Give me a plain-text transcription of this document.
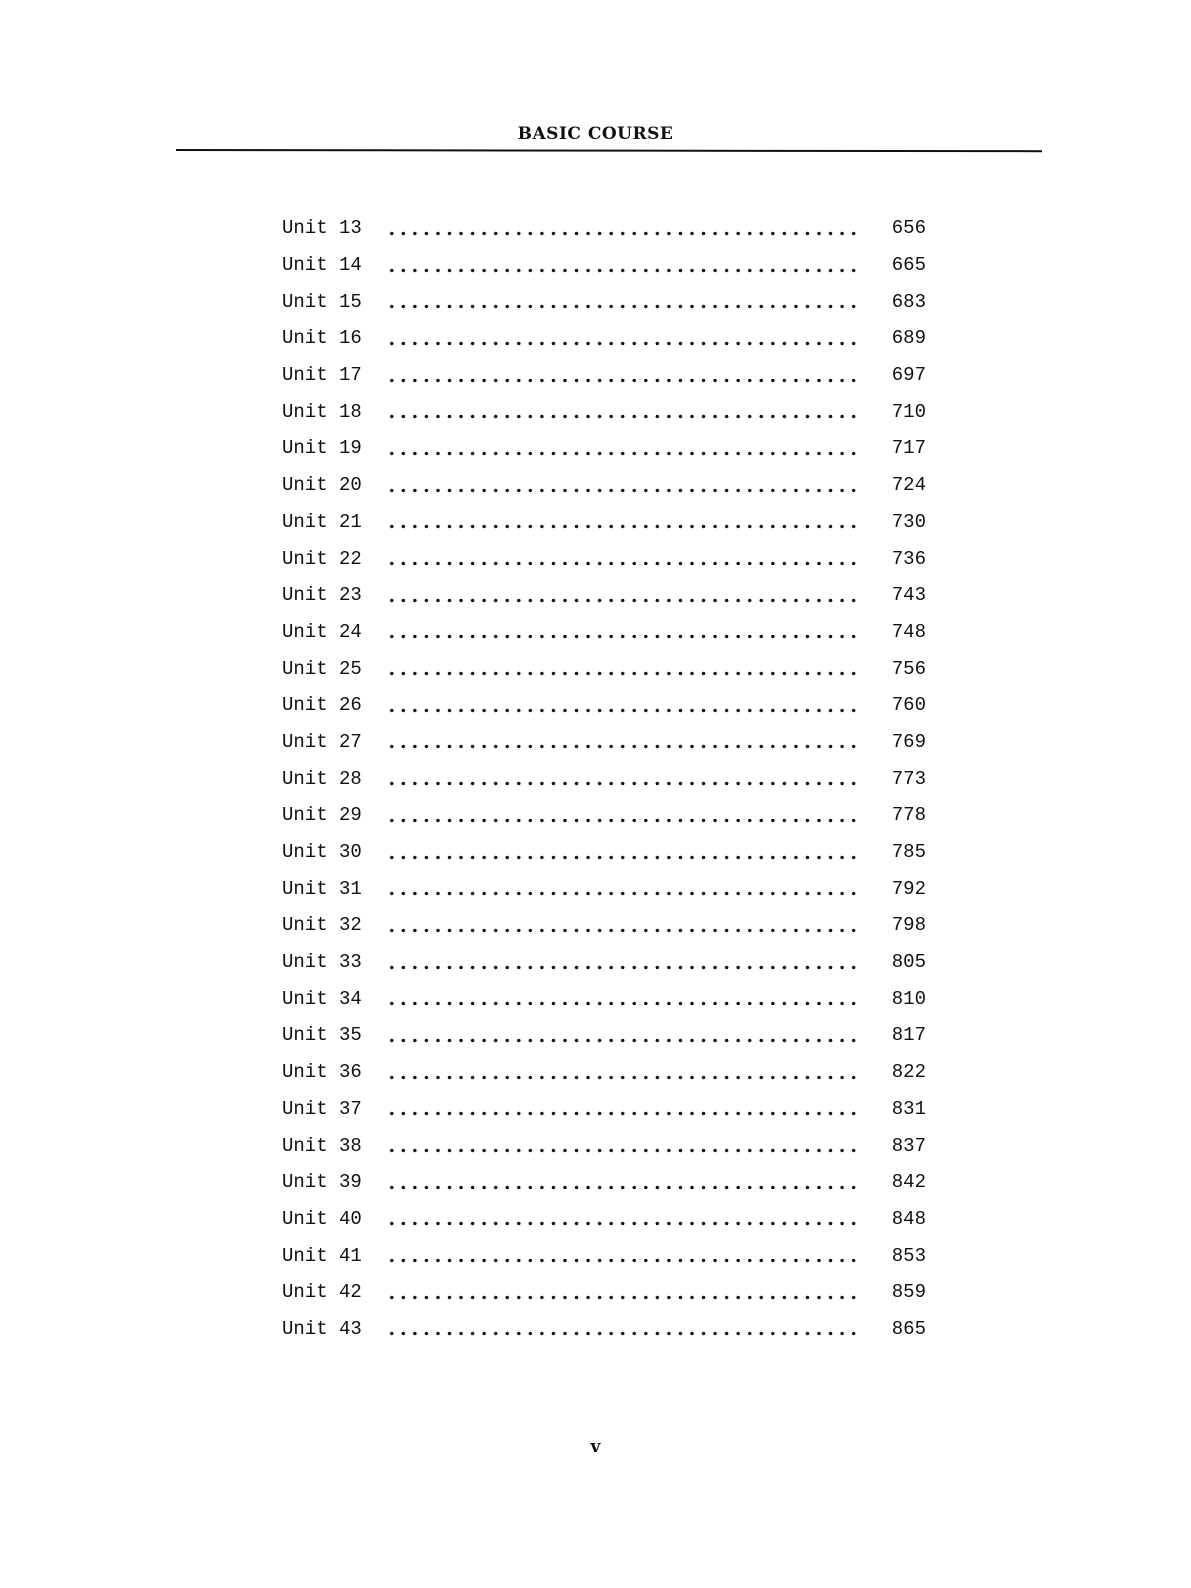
BASIC COURSE
Unit 13	656
Unit 14	665
Unit 15	683
Unit 16	689
Unit 17	697
Unit 18	710
Unit 19	717
Unit 20	724
Unit 21	730
Unit 22	736
Unit 23	743
Unit 24	748
Unit 25	756
Unit 26	760
Unit 27	769
Unit 28	773
Unit 29	778
Unit 30	785
Unit 31	792
Unit 32	798
Unit 33	805
Unit 34	810
Unit 35	817
Unit 36	822
Unit 37	831
Unit 38	837
Unit 39	842
Unit 40	848
Unit 41	853
Unit 42	859
Unit 43	865
v
